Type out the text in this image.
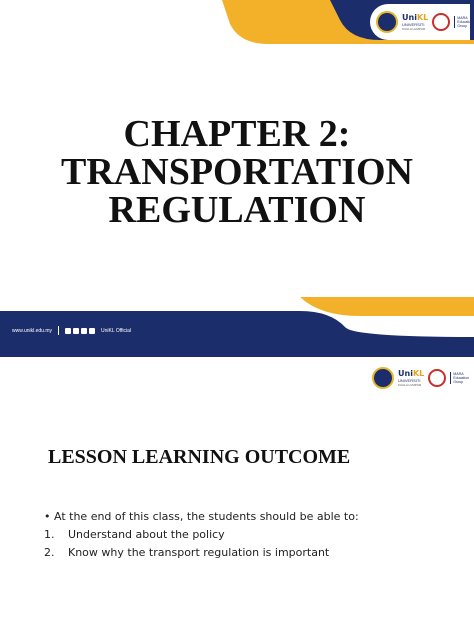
UniKL
UNIVERSITI
KUALA LUMPUR
MARA Education Group
CHAPTER 2:
TRANSPORTATION
REGULATION
www.unikl.edu.my	UniKL Official
UniKL
UNIVERSITI
KUALA LUMPUR
MARA Education Group
LESSON LEARNING OUTCOME
• At the end of this class, the students should be able to:
1.	Understand about the policy
2.	Know why the transport regulation is important
